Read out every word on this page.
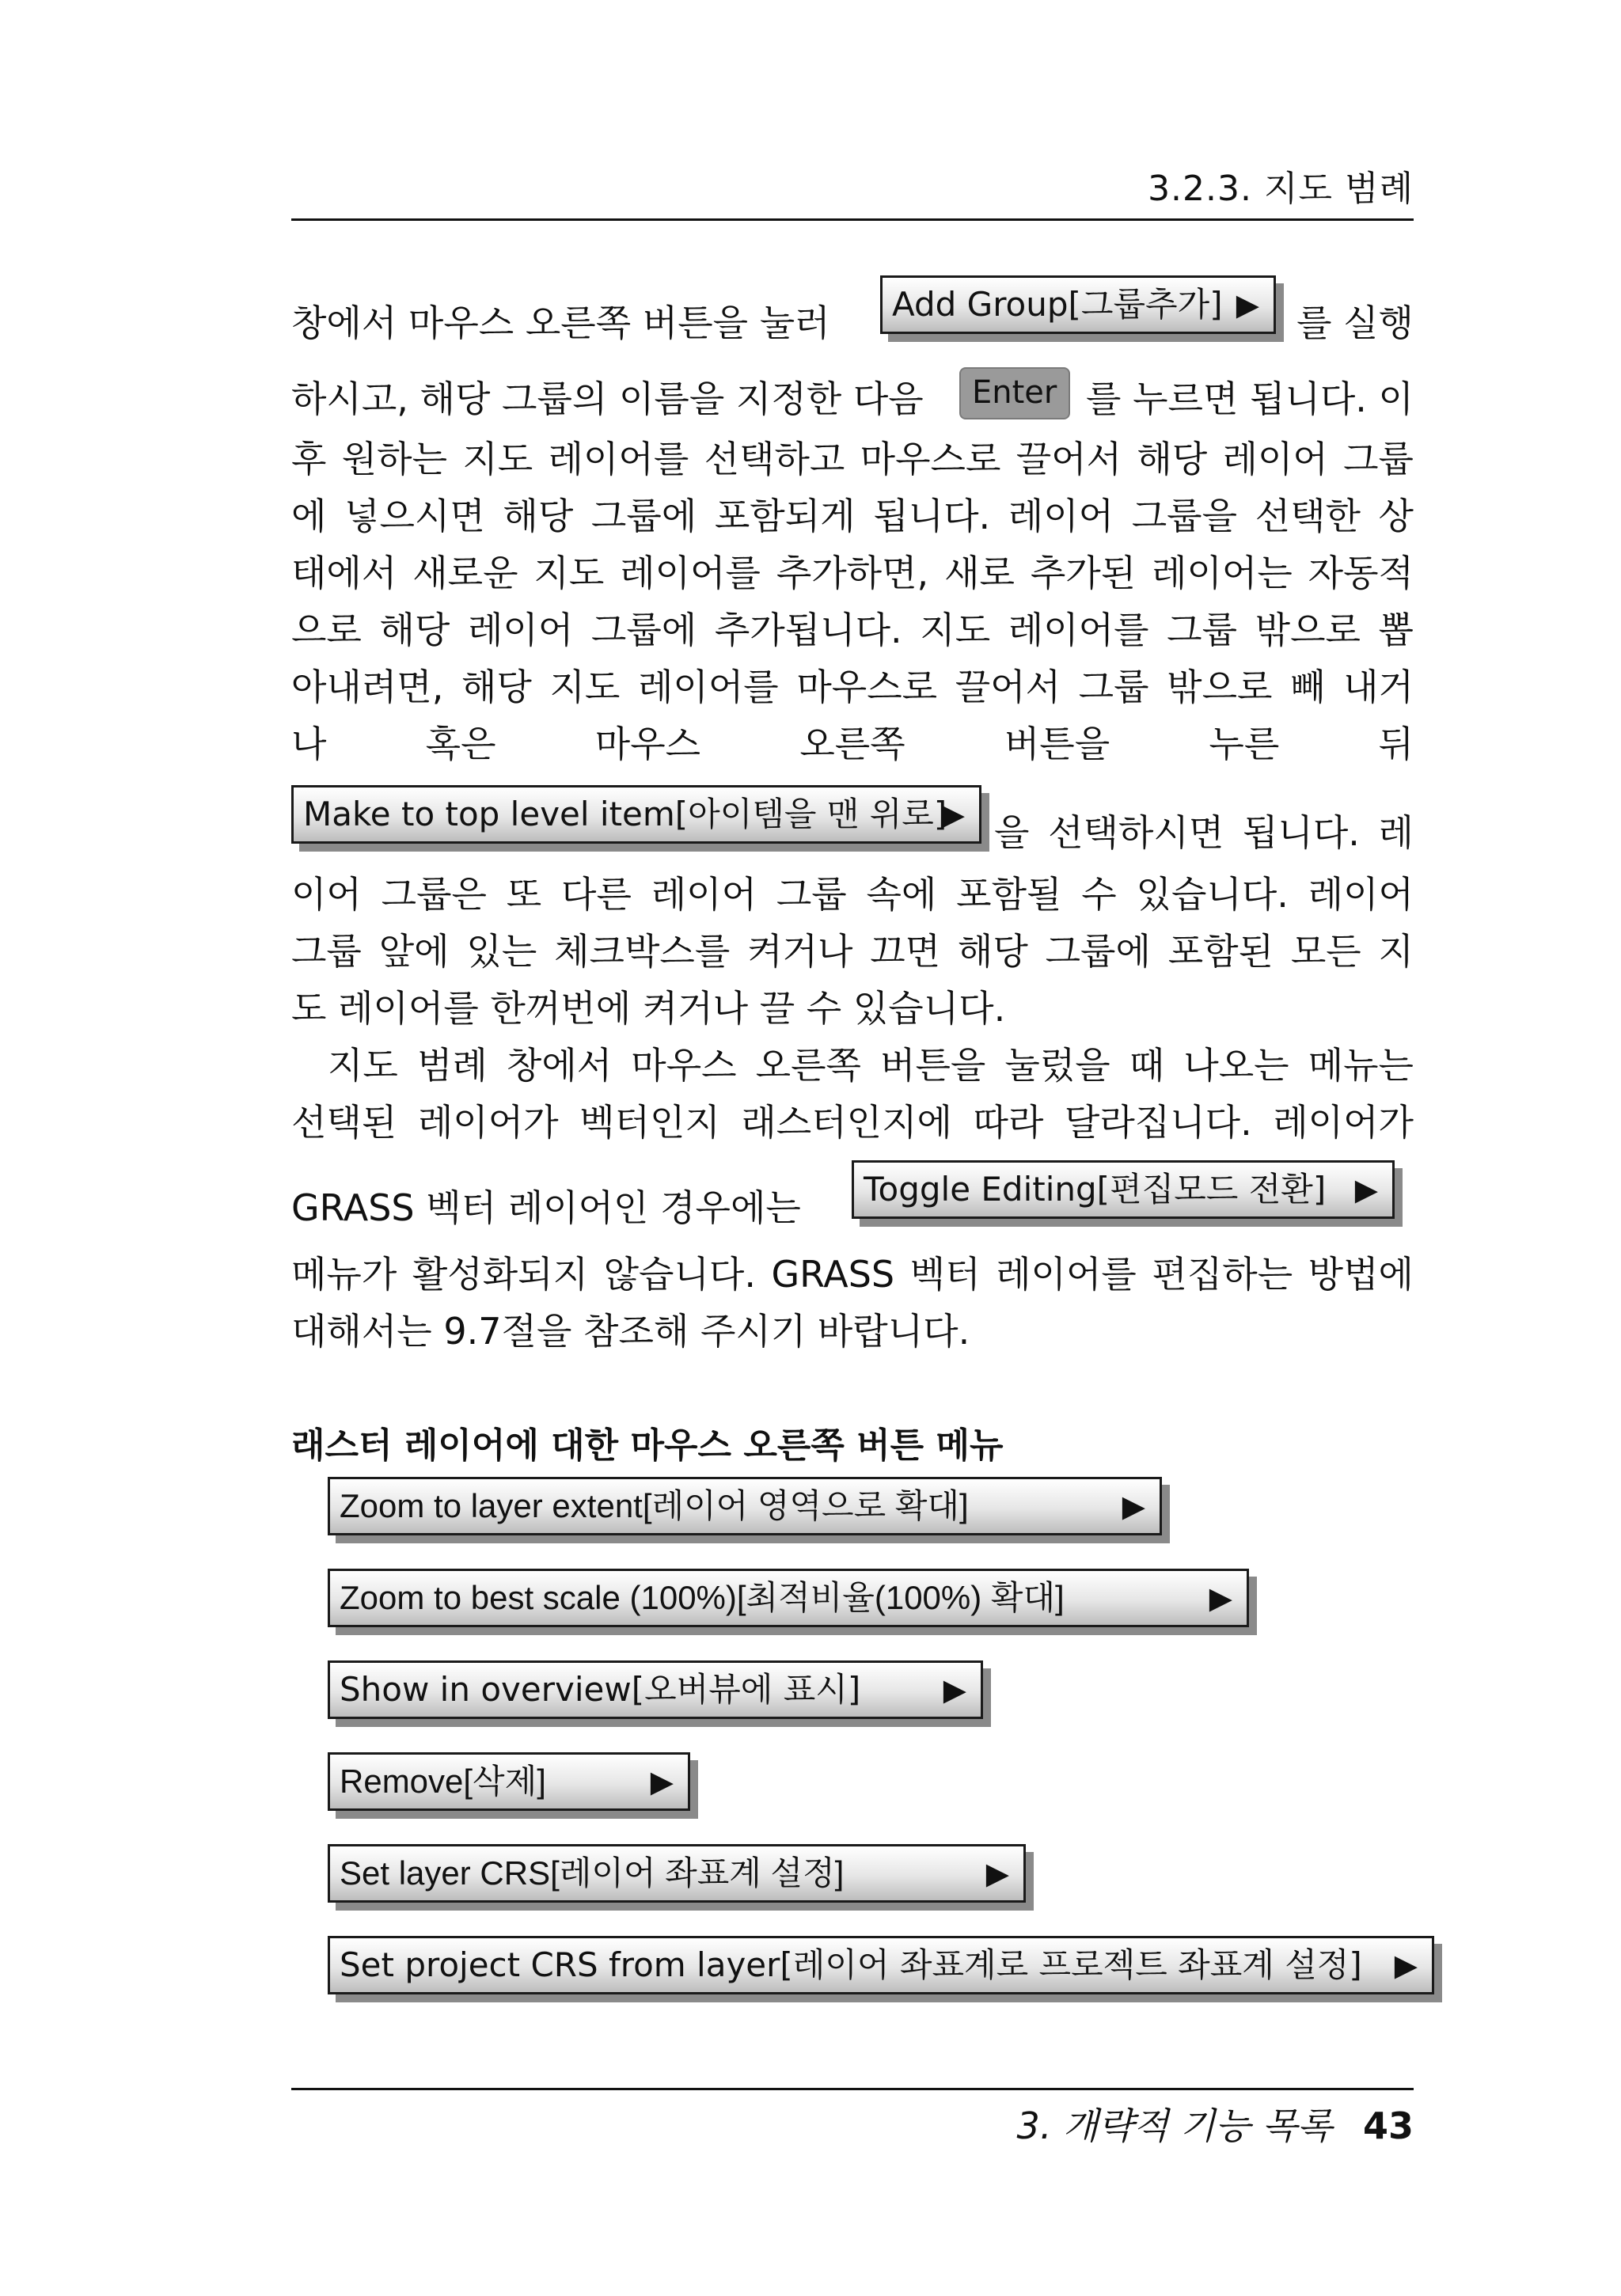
3.2.3. 지도 범례
창에서 마우스 오른쪽 버튼을 눌러	Add Group[그룹추가] ▶ 를 실행
하시고, 해당 그룹의 이름을 지정한 다음	Enter 를 누르면 됩니다. 이
후 원하는 지도 레이어를 선택하고 마우스로 끌어서 해당 레이어 그룹
에 넣으시면 해당 그룹에 포함되게 됩니다. 레이어 그룹을 선택한 상
태에서 새로운 지도 레이어를 추가하면, 새로 추가된 레이어는 자동적
으로 해당 레이어 그룹에 추가됩니다. 지도 레이어를 그룹 밖으로 뽑
아내려면, 해당 지도 레이어를 마우스로 끌어서 그룹 밖으로 빼 내거
나	혹은	마우스	오른쪽	버튼을	누른	뒤
Make to top level item[아이템을 맨 위로]
▶ 을 선택하시면 됩니다. 레
이어 그룹은 또 다른 레이어 그룹 속에 포함될 수 있습니다. 레이어
그룹 앞에 있는 체크박스를 켜거나 끄면 해당 그룹에 포함된 모든 지
도 레이어를 한꺼번에 켜거나 끌 수 있습니다.
지도 범례 창에서 마우스 오른쪽 버튼을 눌렀을 때 나오는 메뉴는
선택된 레이어가 벡터인지 래스터인지에 따라 달라집니다. 레이어가
GRASS 벡터 레이어인 경우에는	Toggle Editing[편집모드 전환] ▶
메뉴가 활성화되지 않습니다. GRASS 벡터 레이어를 편집하는 방법에
대해서는 9.7절을 참조해 주시기 바랍니다.
래스터 레이어에 대한 마우스 오른쪽 버튼 메뉴
Zoom to layer extent[레이어 영역으로 확대]	▶
Zoom to best scale (100%)[최적비율(100%) 확대]	▶
Show in overview[오버뷰에 표시]	▶
Remove[삭제]	▶
Set layer CRS[레이어 좌표계 설정]	▶
Set project CRS from layer[레이어 좌표계로 프로젝트 좌표계 설정] ▶
3. 개략적 기능 목록 43
